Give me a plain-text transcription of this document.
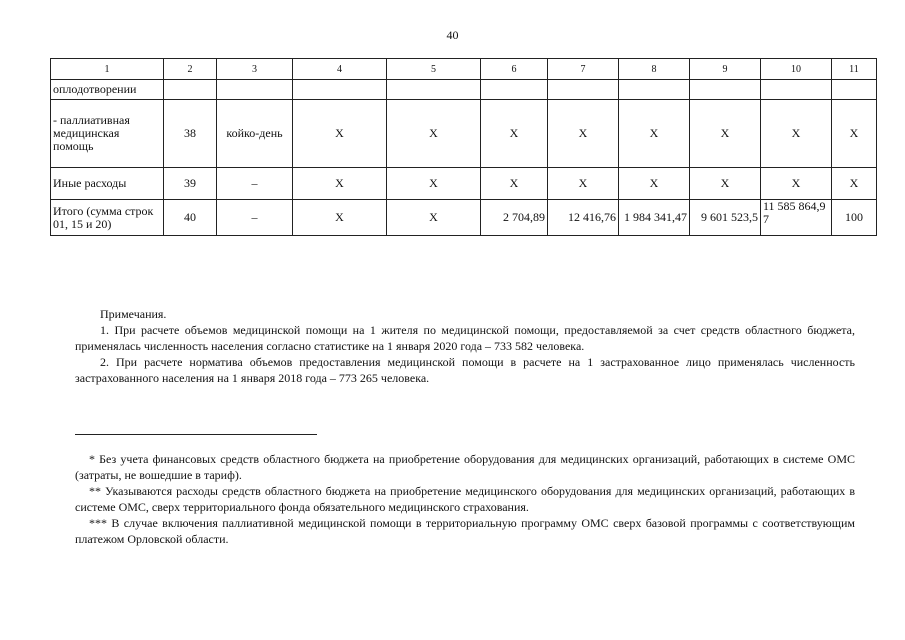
40
1	2	3	4	5	6	7	8	9	10	11
оплодотворении										
- паллиативная медицинская помощь	38	койко-день	X	X	X	X	X	X	X	X
Иные расходы	39	–	X	X	X	X	X	X	X	X
Итого (сумма строк 01, 15 и 20)	40	–	X	X	2 704,89	12 416,76	1 984 341,47	9 601 523,5	11 585 864,97	100
Примечания.

1. При расчете объемов медицинской помощи на 1 жителя по медицинской помощи, предоставляемой за счет средств областного бюджета, применялась численность населения согласно статистике на 1 января 2020 года – 733 582 человека.

2. При расчете норматива объемов предоставления медицинской помощи в расчете на 1 застрахованное лицо применялась численность застрахованного населения на 1 января 2018 года – 773 265 человека.

* Без учета финансовых средств областного бюджета на приобретение оборудования для медицинских организаций, работающих в системе ОМС (затраты, не вошедшие в тариф).

** Указываются расходы средств областного бюджета на приобретение медицинского оборудования для медицинских организаций, работающих в системе ОМС, сверх территориального фонда обязательного медицинского страхования.

*** В случае включения паллиативной медицинской помощи в территориальную программу ОМС сверх базовой программы с соответствующим платежом Орловской области.
